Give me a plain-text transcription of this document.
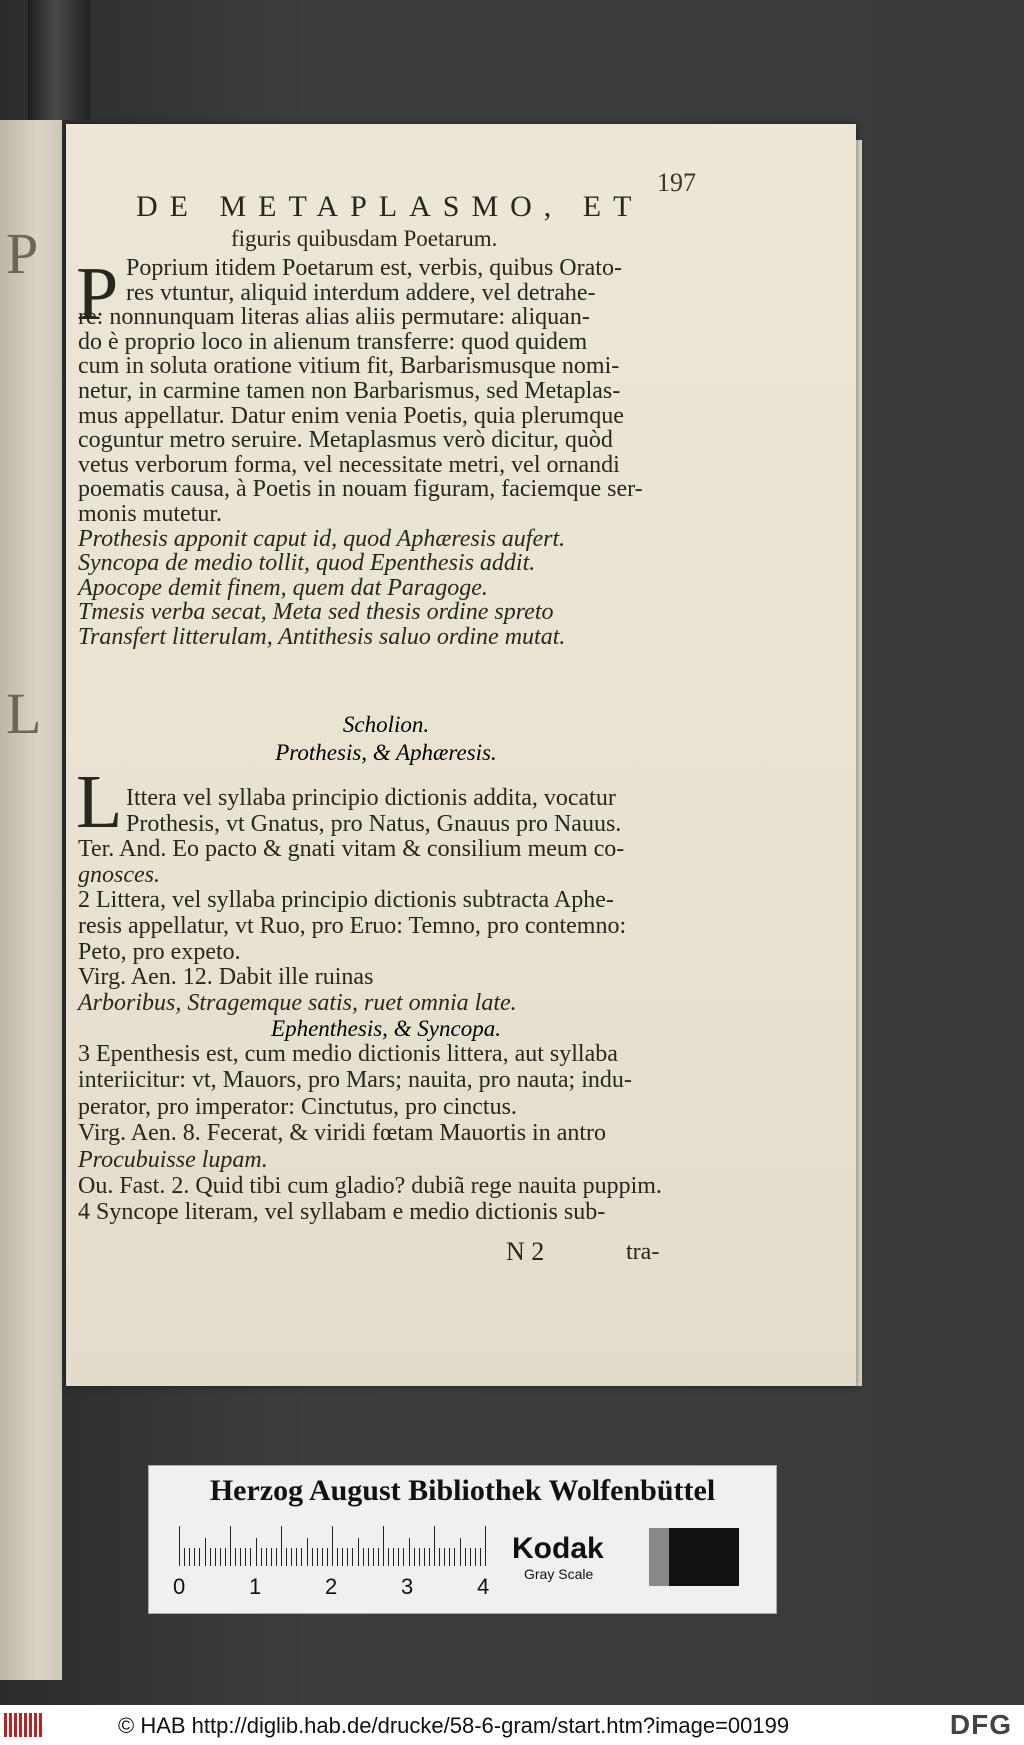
P
L
197
DE METAPLASMO, ET
figuris quibusdam Poetarum.
P Poprium itidem Poetarum est, verbis, quibus Orato-
res vtuntur, aliquid interdum addere, vel detrahe-
re: nonnunquam literas alias aliis permutare: aliquan-
do è proprio loco in alienum transferre: quod quidem
cum in soluta oratione vitium fit, Barbarismusque nomi-
netur, in carmine tamen non Barbarismus, sed Metaplas-
mus appellatur. Datur enim venia Poetis, quia plerumque
coguntur metro seruire. Metaplasmus verò dicitur, quòd
vetus verborum forma, vel necessitate metri, vel ornandi
poematis causa, à Poetis in nouam figuram, faciemque ser-
monis mutetur.
Prothesis apponit caput id, quod Aphæresis aufert.
Syncopa de medio tollit, quod Epenthesis addit.
Apocope demit finem, quem dat Paragoge.
Tmesis verba secat, Meta sed thesis ordine spreto
Transfert litterulam, Antithesis saluo ordine mutat.
Scholion.
Prothesis, & Aphæresis.
L Ittera vel syllaba principio dictionis addita, vocatur
Prothesis, vt Gnatus, pro Natus, Gnauus pro Nauus.
Ter. And. Eo pacto & gnati vitam & consilium meum co-
gnosces.
2 Littera, vel syllaba principio dictionis subtracta Aphe-
resis appellatur, vt Ruo, pro Eruo: Temno, pro contemno:
Peto, pro expeto.
Virg. Aen. 12. Dabit ille ruinas
Arboribus, Stragemque satis, ruet omnia late.
Ephenthesis, & Syncopa.
3 Epenthesis est, cum medio dictionis littera, aut syllaba
interiicitur: vt, Mauors, pro Mars; nauita, pro nauta; indu-
perator, pro imperator: Cinctutus, pro cinctus.
Virg. Aen. 8. Fecerat, & viridi fœtam Mauortis in antro
Procubuisse lupam.
Ou. Fast. 2. Quid tibi cum gladio? dubiã rege nauita puppim.
4 Syncope literam, vel syllabam e medio dictionis sub-
N 2	tra-
Herzog August Bibliothek Wolfenbüttel
0	1	2	3	4
Kodak
Gray Scale
© HAB http://diglib.hab.de/drucke/58-6-gram/start.htm?image=00199	DFG
